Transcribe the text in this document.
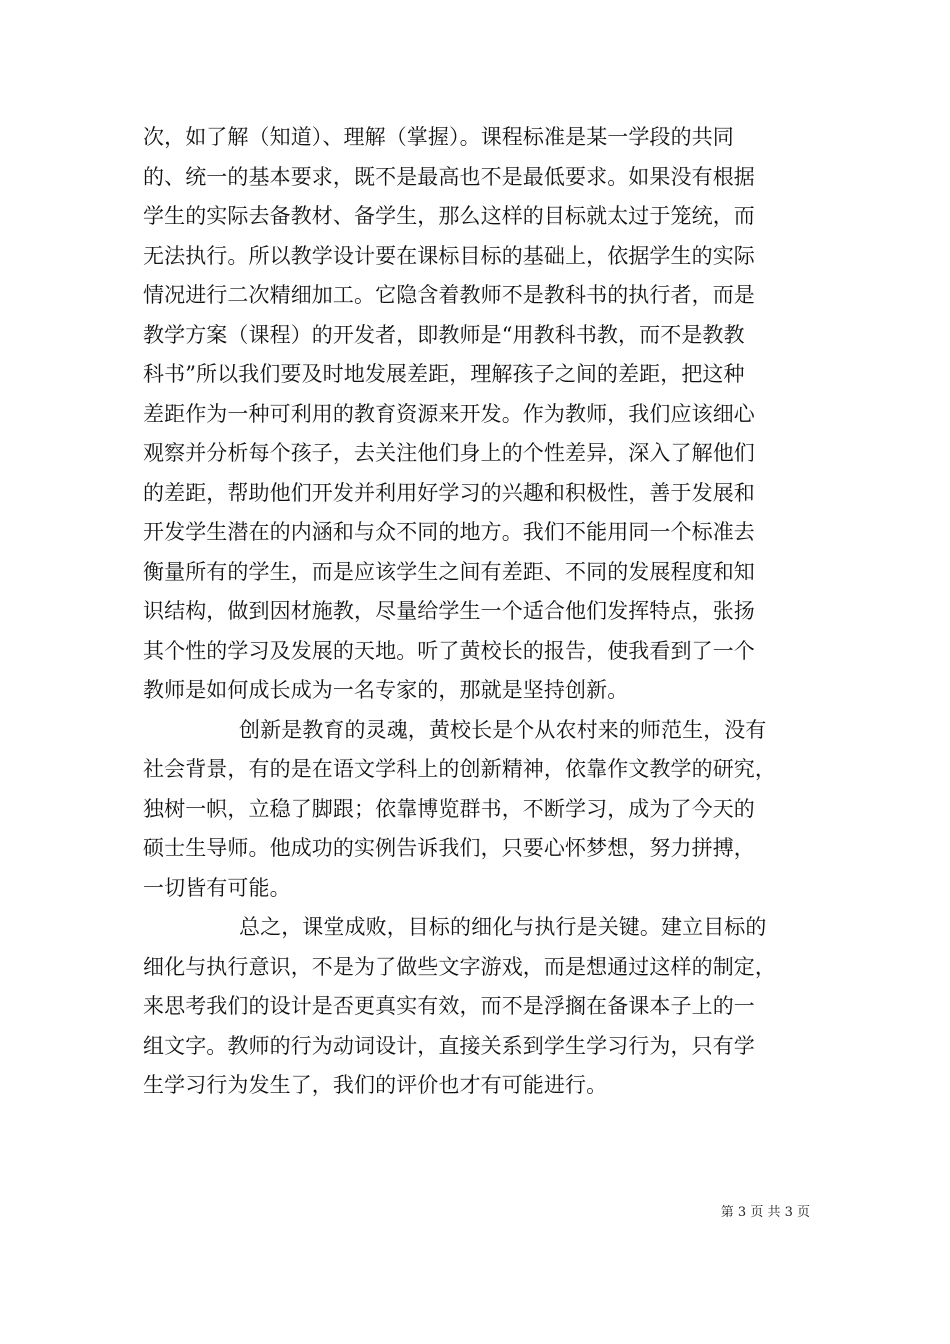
次，如了解（知道）、理解（掌握）。课程标准是某一学段的共同
的、统一的基本要求，既不是最高也不是最低要求。如果没有根据
学生的实际去备教材、备学生，那么这样的目标就太过于笼统，而
无法执行。所以教学设计要在课标目标的基础上，依据学生的实际
情况进行二次精细加工。它隐含着教师不是教科书的执行者，而是
教学方案（课程）的开发者，即教师是“用教科书教，而不是教教
科书”所以我们要及时地发展差距，理解孩子之间的差距，把这种
差距作为一种可利用的教育资源来开发。作为教师，我们应该细心
观察并分析每个孩子，去关注他们身上的个性差异，深入了解他们
的差距，帮助他们开发并利用好学习的兴趣和积极性，善于发展和
开发学生潜在的内涵和与众不同的地方。我们不能用同一个标准去
衡量所有的学生，而是应该学生之间有差距、不同的发展程度和知
识结构，做到因材施教，尽量给学生一个适合他们发挥特点，张扬
其个性的学习及发展的天地。听了黄校长的报告，使我看到了一个
教师是如何成长成为一名专家的，那就是坚持创新。
创新是教育的灵魂，黄校长是个从农村来的师范生，没有
社会背景，有的是在语文学科上的创新精神，依靠作文教学的研究，
独树一帜，立稳了脚跟；依靠博览群书，不断学习，成为了今天的
硕士生导师。他成功的实例告诉我们，只要心怀梦想，努力拼搏，
一切皆有可能。
总之，课堂成败，目标的细化与执行是关键。建立目标的
细化与执行意识，不是为了做些文字游戏，而是想通过这样的制定，
来思考我们的设计是否更真实有效，而不是浮搁在备课本子上的一
组文字。教师的行为动词设计，直接关系到学生学习行为，只有学
生学习行为发生了，我们的评价也才有可能进行。
第 3 页 共 3 页
